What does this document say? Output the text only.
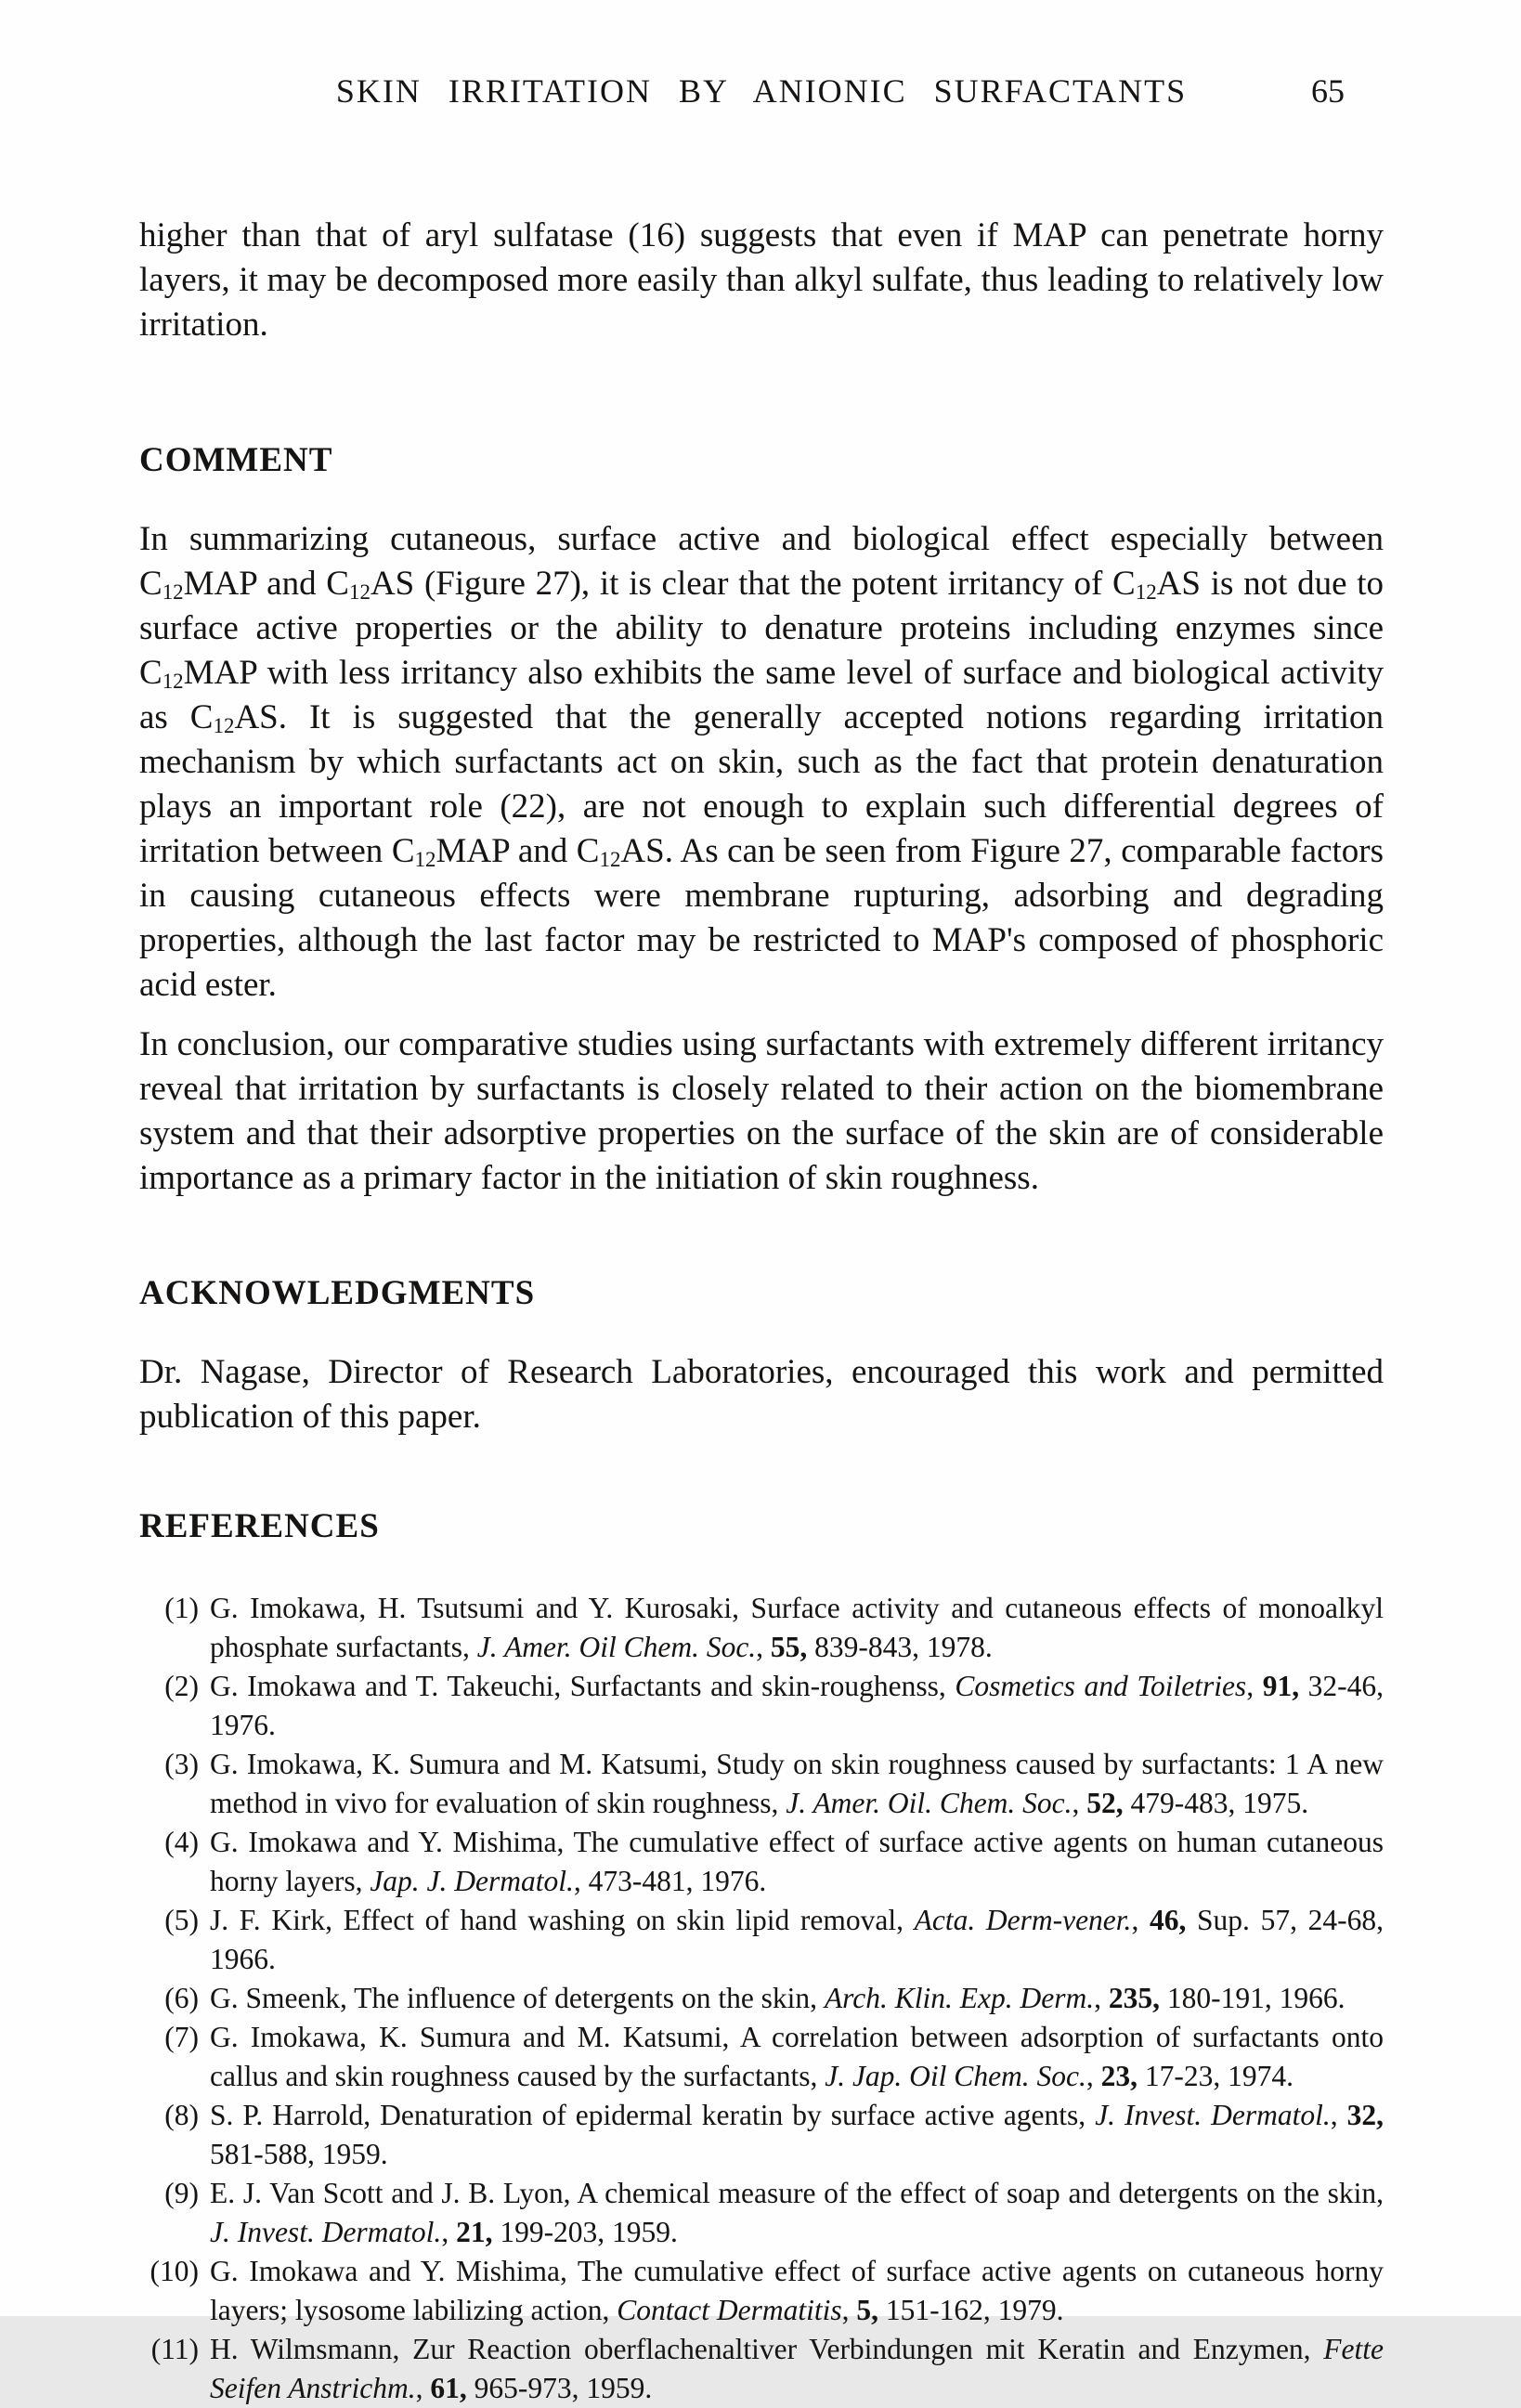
SKIN IRRITATION BY ANIONIC SURFACTANTS	65

higher than that of aryl sulfatase (16) suggests that even if MAP can penetrate horny layers, it may be decomposed more easily than alkyl sulfate, thus leading to relatively low irritation.

COMMENT

In summarizing cutaneous, surface active and biological effect especially between $C_{12}MAP$ and $C_{12}AS$ (Figure 27), it is clear that the potent irritancy of $C_{12}AS$ is not due to surface active properties or the ability to denature proteins including enzymes since $C_{12}MAP$ with less irritancy also exhibits the same level of surface and biological activity as $C_{12}AS$. It is suggested that the generally accepted notions regarding irritation mechanism by which surfactants act on skin, such as the fact that protein denaturation plays an important role (22), are not enough to explain such differential degrees of irritation between $C_{12}MAP$ and $C_{12}AS$. As can be seen from Figure 27, comparable factors in causing cutaneous effects were membrane rupturing, adsorbing and degrading properties, although the last factor may be restricted to MAP's composed of phosphoric acid ester.

In conclusion, our comparative studies using surfactants with extremely different irritancy reveal that irritation by surfactants is closely related to their action on the biomembrane system and that their adsorptive properties on the surface of the skin are of considerable importance as a primary factor in the initiation of skin roughness.

ACKNOWLEDGMENTS

Dr. Nagase, Director of Research Laboratories, encouraged this work and permitted publication of this paper.

REFERENCES
(1) G. Imokawa, H. Tsutsumi and Y. Kurosaki, Surface activity and cutaneous effects of monoalkyl phosphate surfactants, J. Amer. Oil Chem. Soc., 55, 839-843, 1978.
(2) G. Imokawa and T. Takeuchi, Surfactants and skin-roughenss, Cosmetics and Toiletries, 91, 32-46, 1976.
(3) G. Imokawa, K. Sumura and M. Katsumi, Study on skin roughness caused by surfactants: 1 A new method in vivo for evaluation of skin roughness, J. Amer. Oil. Chem. Soc., 52, 479-483, 1975.
(4) G. Imokawa and Y. Mishima, The cumulative effect of surface active agents on human cutaneous horny layers, Jap. J. Dermatol., 473-481, 1976.
(5) J. F. Kirk, Effect of hand washing on skin lipid removal, Acta. Derm-vener., 46, Sup. 57, 24-68, 1966.
(6) G. Smeenk, The influence of detergents on the skin, Arch. Klin. Exp. Derm., 235, 180-191, 1966.
(7) G. Imokawa, K. Sumura and M. Katsumi, A correlation between adsorption of surfactants onto callus and skin roughness caused by the surfactants, J. Jap. Oil Chem. Soc., 23, 17-23, 1974.
(8) S. P. Harrold, Denaturation of epidermal keratin by surface active agents, J. Invest. Dermatol., 32, 581-588, 1959.
(9) E. J. Van Scott and J. B. Lyon, A chemical measure of the effect of soap and detergents on the skin, J. Invest. Dermatol., 21, 199-203, 1959.
(10) G. Imokawa and Y. Mishima, The cumulative effect of surface active agents on cutaneous horny layers; lysosome labilizing action, Contact Dermatitis, 5, 151-162, 1979.
(11) H. Wilmsmann, Zur Reaction oberflachenaltiver Verbindungen mit Keratin and Enzymen, Fette Seifen Anstrichm., 61, 965-973, 1959.
